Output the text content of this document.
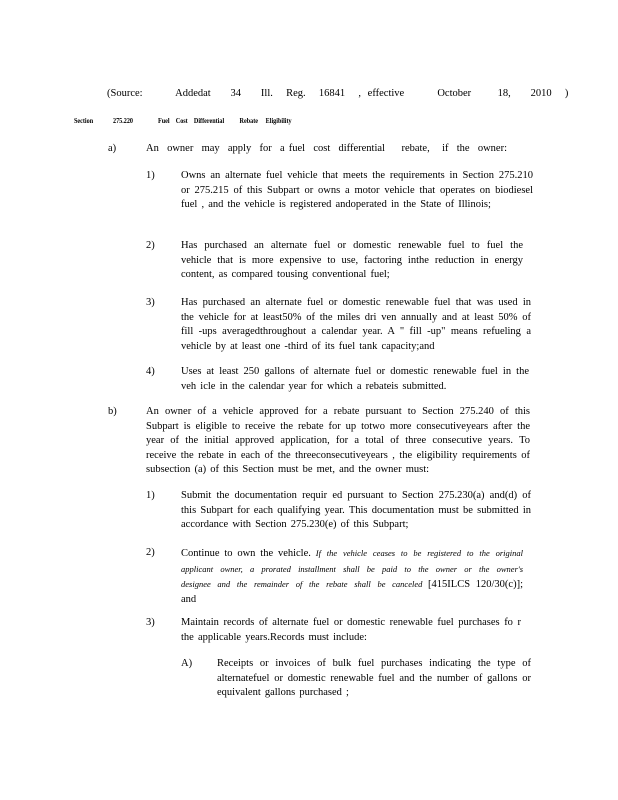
(Source:     Addedat   34   Ill.  Reg.  16841  , effective     October    18,   2010  )
Section	275.220	Fuel    Cost    Differential          Rebate     Eligibility
a)	An  owner  may  apply  for  a fuel  cost  differential    rebate,   if  the  owner:
1)	Owns an alternate fuel vehicle that meets the requirements in Section 275.210 or 275.215 of this Subpart or owns a motor vehicle that operates on biodiesel fuel , and the vehicle is registered andoperated in the State of Illinois;
2)	Has purchased an alternate fuel or domestic renewable fuel to fuel the vehicle that is more expensive to use, factoring inthe reduction in energy content, as compared tousing conventional fuel;
3)	Has purchased an alternate fuel or domestic renewable fuel that was used in the vehicle for at least50% of the miles dri ven annually and at least 50% of fill -ups averagedthroughout a calendar year. A " fill -up" means refueling a vehicle by at least one -third of its fuel tank capacity;and
4)	Uses at least 250 gallons of alternate fuel or domestic renewable fuel in the veh icle in the calendar year for which a rebateis submitted.
b)	An owner of a vehicle approved for a rebate pursuant to Section 275.240 of this Subpart is eligible to receive the rebate for up totwo more consecutiveyears after the year of the initial approved application, for a total of three consecutive years. To receive the rebate in each of the threeconsecutiveyears , the eligibility requirements of subsection (a) of this Section must be met, and the owner must:
1)	Submit the documentation requir ed pursuant to Section 275.230(a) and(d) of this Subpart for each qualifying year. This documentation must be submitted in accordance with Section 275.230(e) of this Subpart;
2)	Continue to own the vehicle. If the vehicle ceases to be registered to the original applicant owner, a prorated installment shall be paid to the owner or the owner's designee and the remainder of the rebate shall be canceled [415ILCS 120/30(c)]; and
3)	Maintain records of alternate fuel or domestic renewable fuel purchases fo r the applicable years.Records must include:
A) Receipts or invoices of bulk fuel purchases indicating the type of alternatefuel or domestic renewable fuel and the number of gallons or equivalent gallons purchased ;
